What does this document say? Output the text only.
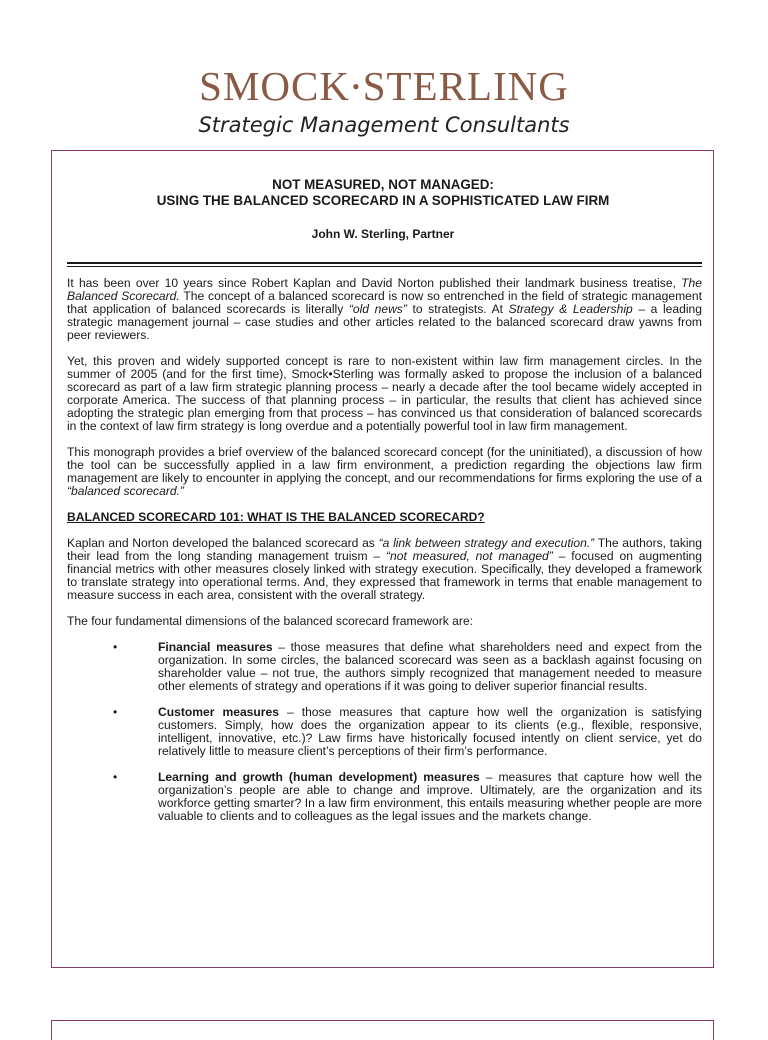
SMOCK•STERLING
Strategic Management Consultants
NOT MEASURED, NOT MANAGED:
USING THE BALANCED SCORECARD IN A SOPHISTICATED LAW FIRM
John W. Sterling, Partner

It has been over 10 years since Robert Kaplan and David Norton published their landmark business treatise, The Balanced Scorecard. The concept of a balanced scorecard is now so entrenched in the field of strategic management that application of balanced scorecards is literally “old news” to strategists. At Strategy & Leadership – a leading strategic management journal – case studies and other articles related to the balanced scorecard draw yawns from peer reviewers.

Yet, this proven and widely supported concept is rare to non-existent within law firm management circles. In the summer of 2005 (and for the first time), Smock•Sterling was formally asked to propose the inclusion of a balanced scorecard as part of a law firm strategic planning process – nearly a decade after the tool became widely accepted in corporate America. The success of that planning process – in particular, the results that client has achieved since adopting the strategic plan emerging from that process – has convinced us that consideration of balanced scorecards in the context of law firm strategy is long overdue and a potentially powerful tool in law firm management.

This monograph provides a brief overview of the balanced scorecard concept (for the uninitiated), a discussion of how the tool can be successfully applied in a law firm environment, a prediction regarding the objections law firm management are likely to encounter in applying the concept, and our recommendations for firms exploring the use of a “balanced scorecard.”

BALANCED SCORECARD 101: WHAT IS THE BALANCED SCORECARD?

Kaplan and Norton developed the balanced scorecard as “a link between strategy and execution.” The authors, taking their lead from the long standing management truism – “not measured, not managed” – focused on augmenting financial metrics with other measures closely linked with strategy execution. Specifically, they developed a framework to translate strategy into operational terms. And, they expressed that framework in terms that enable management to measure success in each area, consistent with the overall strategy.

The four fundamental dimensions of the balanced scorecard framework are:

•	Financial measures – those measures that define what shareholders need and expect from the organization. In some circles, the balanced scorecard was seen as a backlash against focusing on shareholder value – not true, the authors simply recognized that management needed to measure other elements of strategy and operations if it was going to deliver superior financial results.
•	Customer measures – those measures that capture how well the organization is satisfying customers. Simply, how does the organization appear to its clients (e.g., flexible, responsive, intelligent, innovative, etc.)? Law firms have historically focused intently on client service, yet do relatively little to measure client’s perceptions of their firm’s performance.
•	Learning and growth (human development) measures – measures that capture how well the organization’s people are able to change and improve. Ultimately, are the organization and its workforce getting smarter? In a law firm environment, this entails measuring whether people are more valuable to clients and to colleagues as the legal issues and the markets change.
